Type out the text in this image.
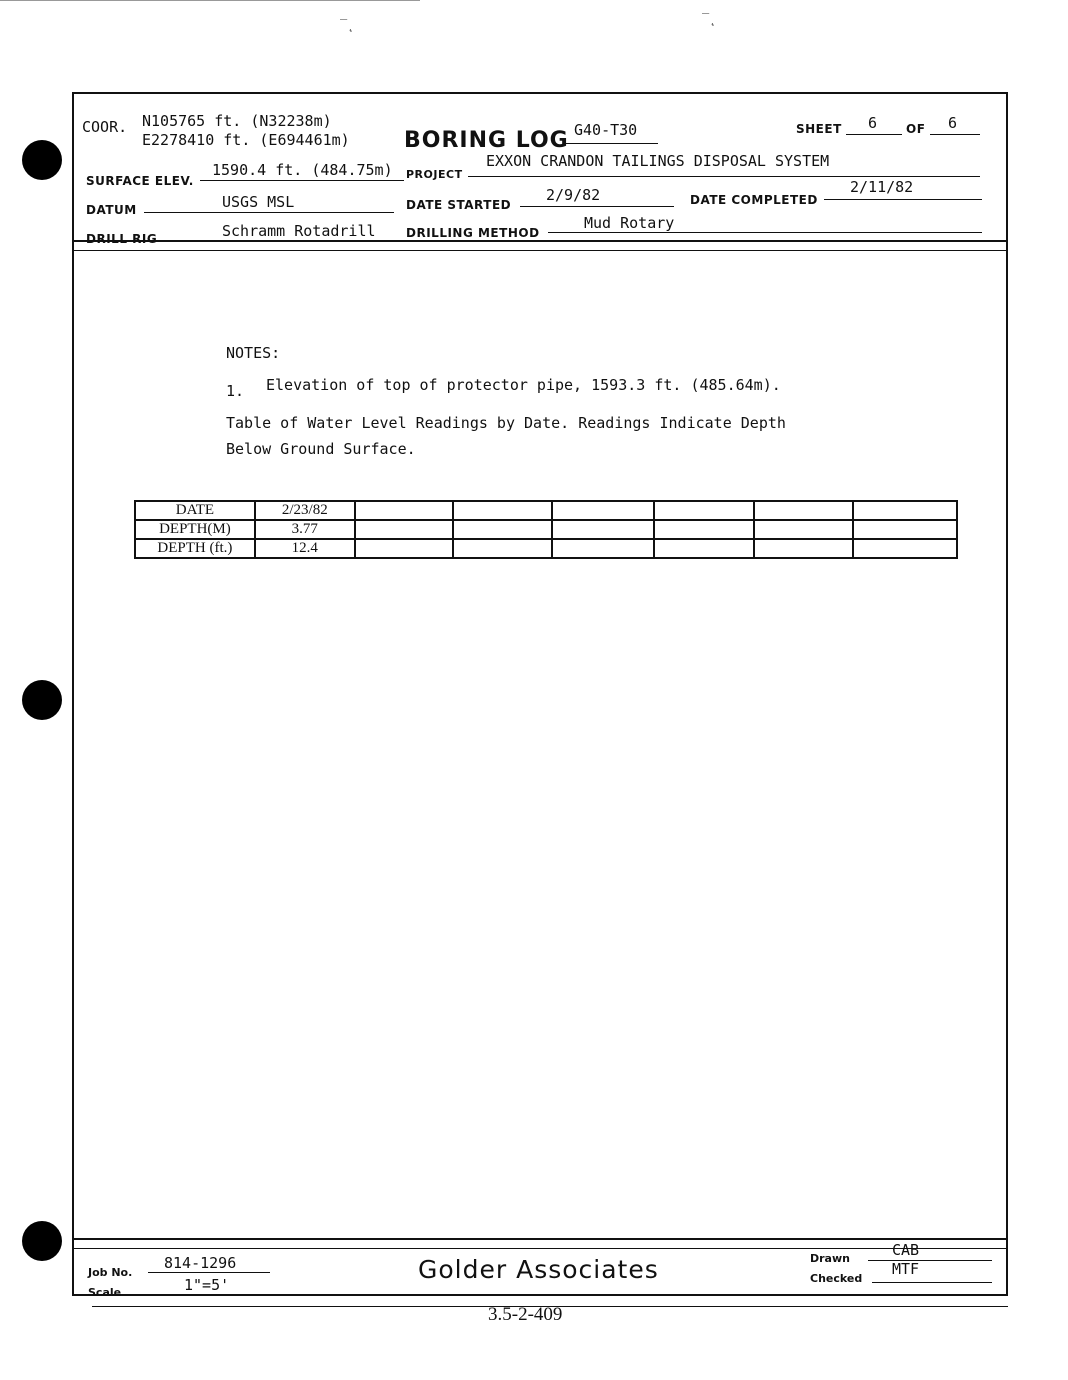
‾˛	‾˛
COOR. N105765 ft. (N32238m)
E2278410 ft. (E694461m) BORING LOG G40-T30	SHEET 6 OF 6
SURFACE ELEV.
1590.4 ft. (484.75m) PROJECT
EXXON CRANDON TAILINGS DISPOSAL SYSTEM
DATUM	USGS MSL	DATE STARTED
2/9/82	DATE COMPLETED
2/11/82
DRILL RIG	Schramm Rotadrill	DRILLING METHOD
Mud Rotary
NOTES:
1. Elevation of top of protector pipe, 1593.3 ft. (485.64m).
Table of Water Level Readings by Date. Readings Indicate Depth
Below Ground Surface.
DATE	2/23/82						
DEPTH(M)	3.77						
DEPTH (ft.)	12.4						
Job No.
814-1296
Scale	1"=5'
Golder Associates	Drawn	CAB
Checked
MTF
3.5-2-409
